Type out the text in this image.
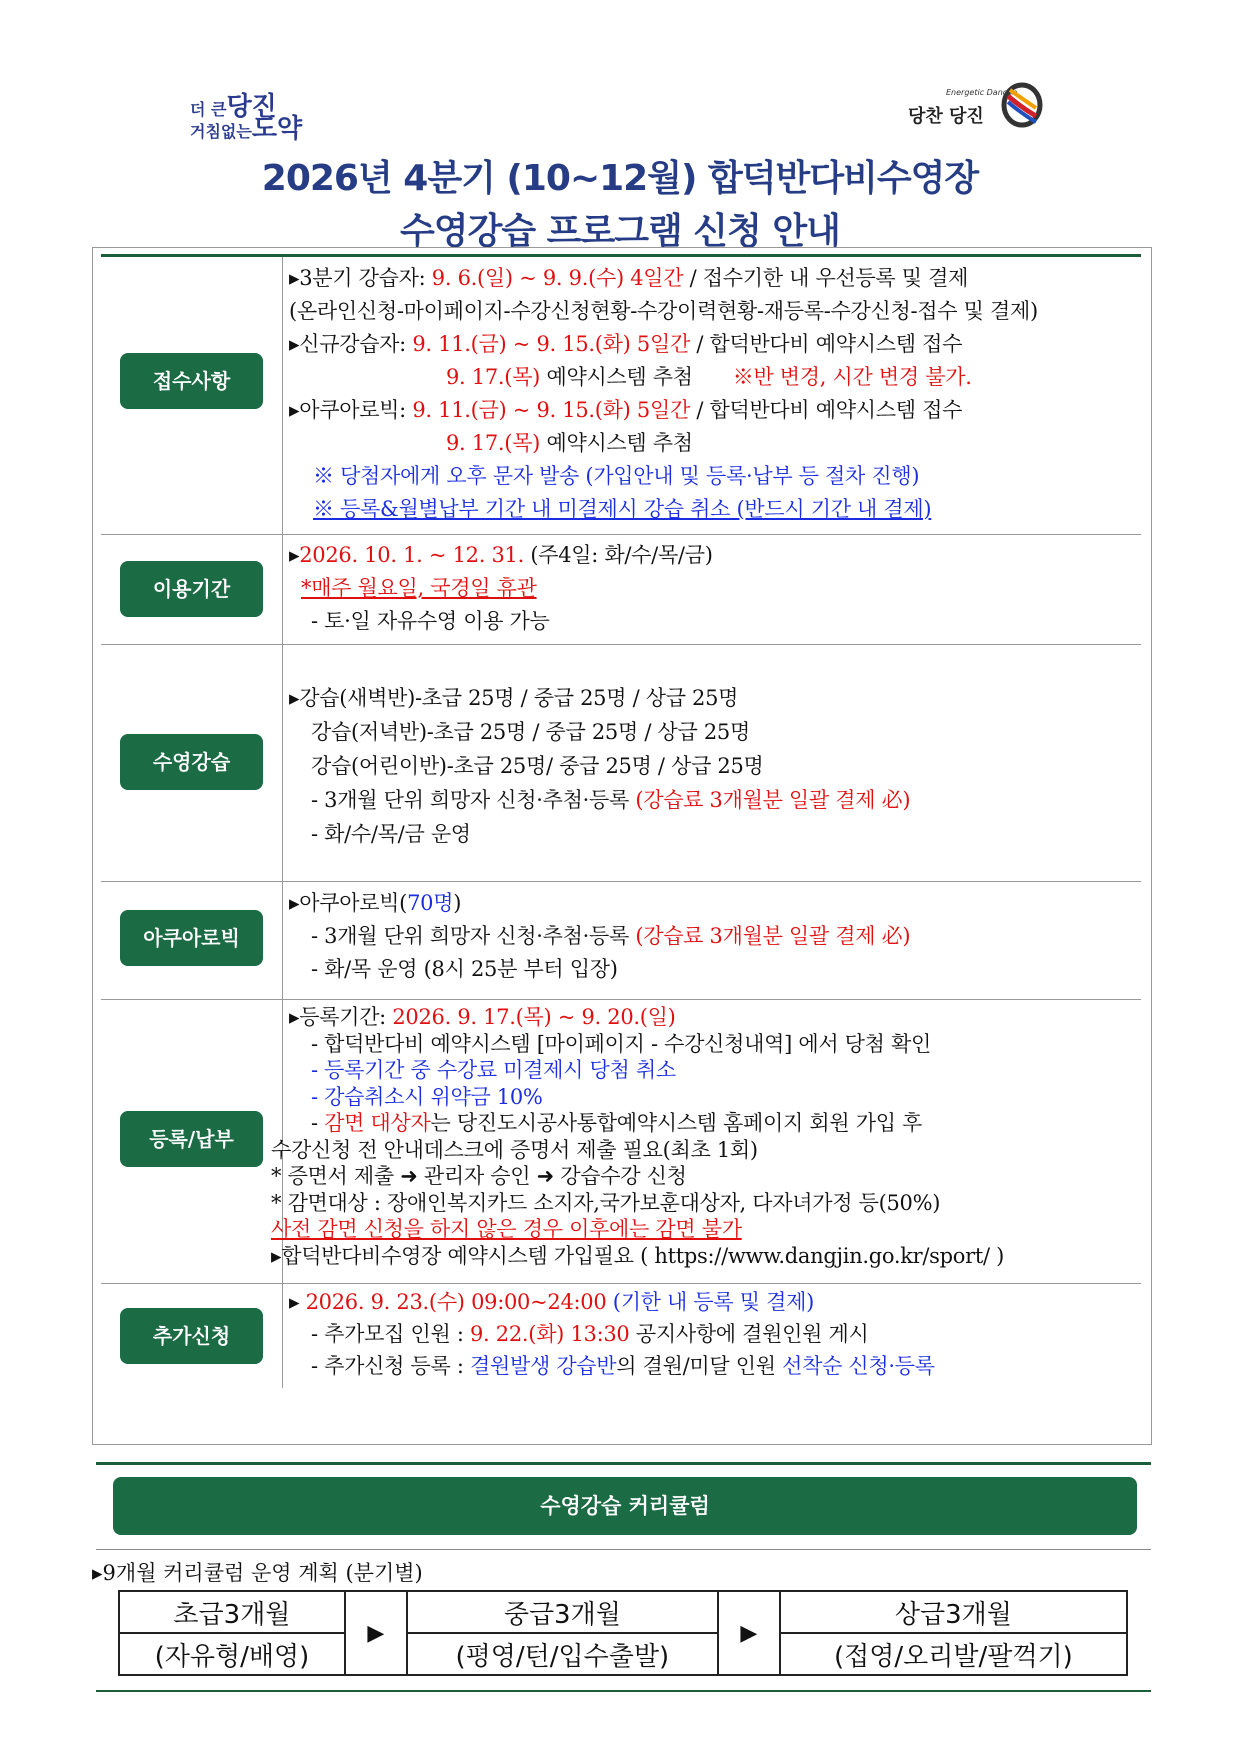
더 큰당진
거침없는도약
Energetic Dangjin
당찬 당진
2026년 4분기 (10~12월) 합덕반다비수영장
수영강습 프로그램 신청 안내
접수사항
▸3분기 강습자: 9. 6.(일) ~ 9. 9.(수) 4일간 / 접수기한 내 우선등록 및 결제
(온라인신청-마이페이지-수강신청현황-수강이력현황-재등록-수강신청-접수 및 결제)
▸신규강습자: 9. 11.(금) ~ 9. 15.(화) 5일간 / 합덕반다비 예약시스템 접수
9. 17.(목) 예약시스템 추첨 ※반 변경, 시간 변경 불가.
▸아쿠아로빅: 9. 11.(금) ~ 9. 15.(화) 5일간 / 합덕반다비 예약시스템 접수
9. 17.(목) 예약시스템 추첨
※ 당첨자에게 오후 문자 발송 (가입안내 및 등록·납부 등 절차 진행)
※ 등록&월별납부 기간 내 미결제시 강습 취소 (반드시 기간 내 결제)
이용기간
▸2026. 10. 1. ~ 12. 31. (주4일: 화/수/목/금)
*매주 월요일, 국경일 휴관
- 토·일 자유수영 이용 가능
수영강습
▸강습(새벽반)-초급 25명 / 중급 25명 / 상급 25명
강습(저녁반)-초급 25명 / 중급 25명 / 상급 25명
강습(어린이반)-초급 25명/ 중급 25명 / 상급 25명
- 3개월 단위 희망자 신청·추첨·등록 (강습료 3개월분 일괄 결제 必)
- 화/수/목/금 운영
아쿠아로빅
▸아쿠아로빅(70명)
- 3개월 단위 희망자 신청·추첨·등록 (강습료 3개월분 일괄 결제 必)
- 화/목 운영 (8시 25분 부터 입장)
등록/납부
▸등록기간: 2026. 9. 17.(목) ~ 9. 20.(일)
- 합덕반다비 예약시스템 [마이페이지 - 수강신청내역] 에서 당첨 확인
- 등록기간 중 수강료 미결제시 당첨 취소
- 강습취소시 위약금 10%
- 감면 대상자는 당진도시공사통합예약시스템 홈페이지 회원 가입 후
수강신청 전 안내데스크에 증명서 제출 필요(최초 1회)
* 증면서 제출 ➜ 관리자 승인 ➜ 강습수강 신청
* 감면대상 : 장애인복지카드 소지자,국가보훈대상자, 다자녀가정 등(50%)
사전 감면 신청을 하지 않은 경우 이후에는 감면 불가
▸합덕반다비수영장 예약시스템 가입필요 ( https://www.dangjin.go.kr/sport/ )
추가신청
▸ 2026. 9. 23.(수) 09:00~24:00 (기한 내 등록 및 결제)
- 추가모집 인원 : 9. 22.(화) 13:30 공지사항에 결원인원 게시
- 추가신청 등록 : 결원발생 강습반의 결원/미달 인원 선착순 신청·등록
수영강습 커리큘럼
▸9개월 커리큘럼 운영 계획 (분기별)
초급3개월	▶	중급3개월	▶	상급3개월
(자유형/배영)		(평영/턴/입수출발)		(접영/오리발/팔꺽기)
